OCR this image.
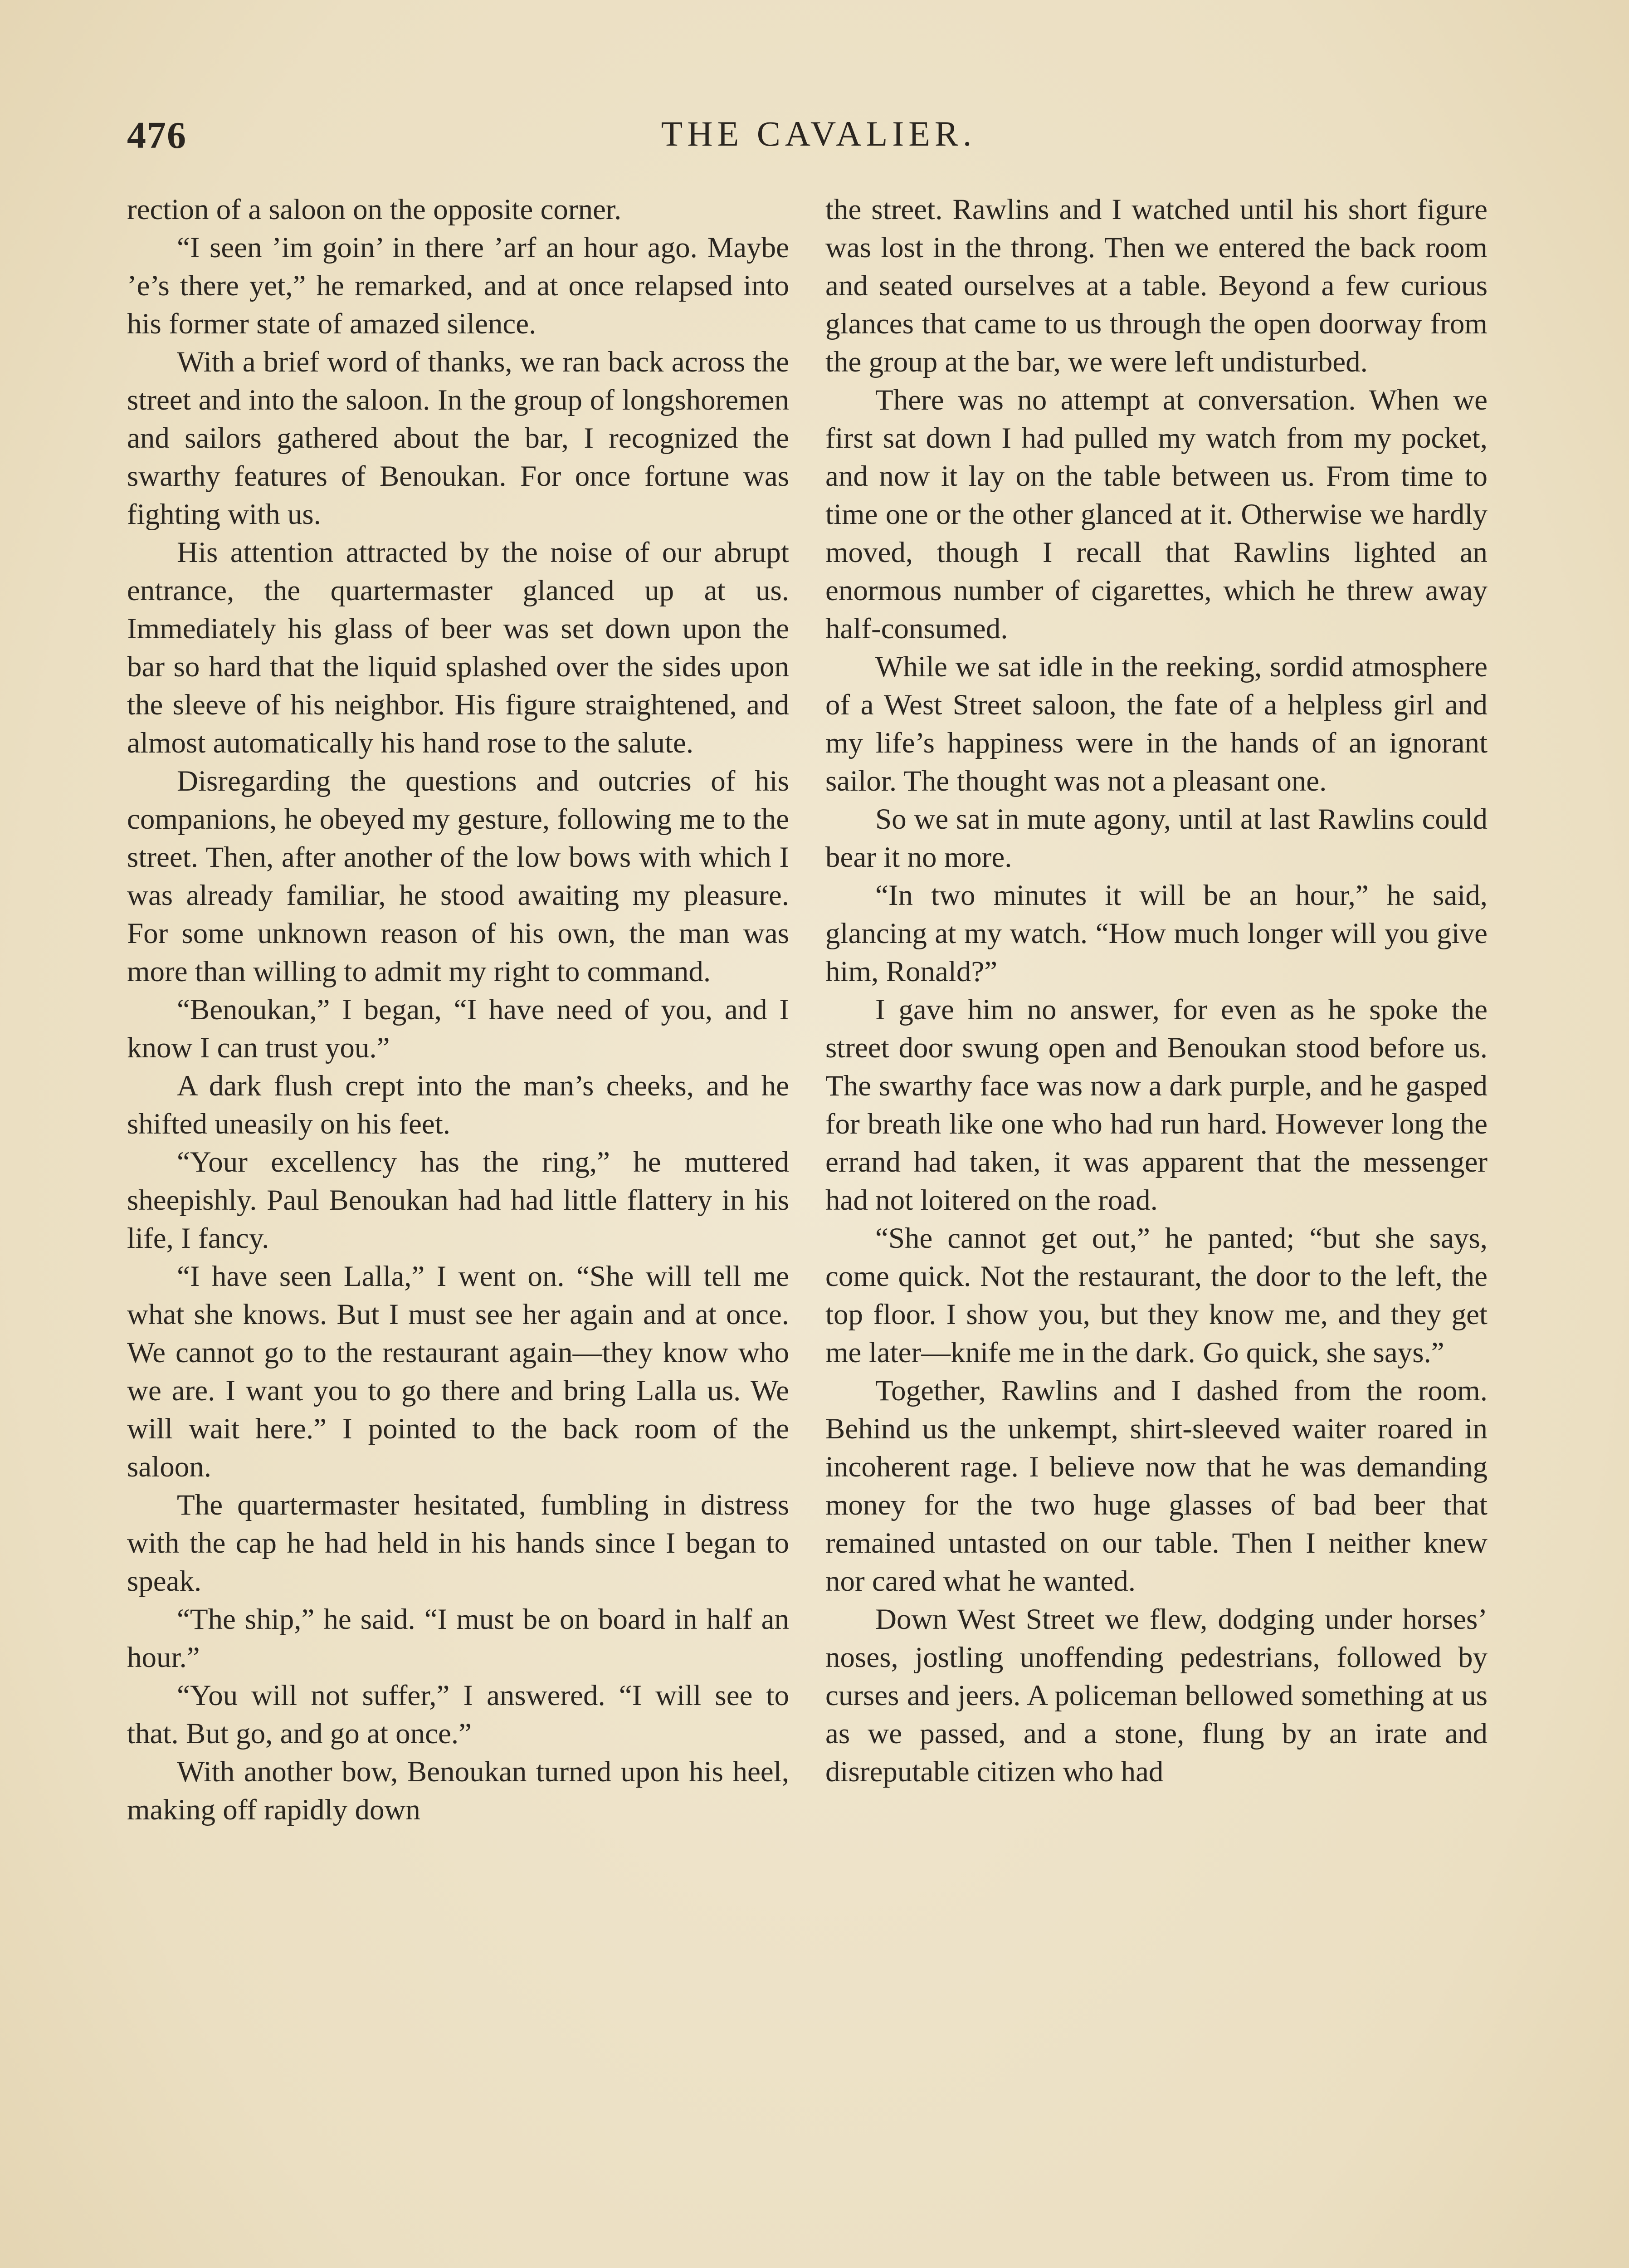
476	THE CAVALIER.

rection of a saloon on the opposite corner.

“I seen ’im goin’ in there ’arf an hour ago. Maybe ’e’s there yet,” he remarked, and at once relapsed into his former state of amazed silence.

With a brief word of thanks, we ran back across the street and into the saloon. In the group of longshoremen and sailors gathered about the bar, I recognized the swarthy features of Benoukan. For once fortune was fighting with us.

His attention attracted by the noise of our abrupt entrance, the quartermaster glanced up at us. Immediately his glass of beer was set down upon the bar so hard that the liquid splashed over the sides upon the sleeve of his neighbor. His figure straightened, and almost automatically his hand rose to the salute.

Disregarding the questions and outcries of his companions, he obeyed my gesture, following me to the street. Then, after another of the low bows with which I was already familiar, he stood awaiting my pleasure. For some unknown reason of his own, the man was more than willing to admit my right to command.

“Benoukan,” I began, “I have need of you, and I know I can trust you.”

A dark flush crept into the man’s cheeks, and he shifted uneasily on his feet.

“Your excellency has the ring,” he muttered sheepishly. Paul Benoukan had had little flattery in his life, I fancy.

“I have seen Lalla,” I went on. “She will tell me what she knows. But I must see her again and at once. We cannot go to the restaurant again—they know who we are. I want you to go there and bring Lalla us. We will wait here.” I pointed to the back room of the saloon.

The quartermaster hesitated, fumbling in distress with the cap he had held in his hands since I began to speak.

“The ship,” he said. “I must be on board in half an hour.”

“You will not suffer,” I answered. “I will see to that. But go, and go at once.”

With another bow, Benoukan turned upon his heel, making off rapidly down

the street. Rawlins and I watched until his short figure was lost in the throng. Then we entered the back room and seated ourselves at a table. Beyond a few curious glances that came to us through the open doorway from the group at the bar, we were left undisturbed.

There was no attempt at conversation. When we first sat down I had pulled my watch from my pocket, and now it lay on the table between us. From time to time one or the other glanced at it. Otherwise we hardly moved, though I recall that Rawlins lighted an enormous number of cigarettes, which he threw away half-consumed.

While we sat idle in the reeking, sordid atmosphere of a West Street saloon, the fate of a helpless girl and my life’s happiness were in the hands of an ignorant sailor. The thought was not a pleasant one.

So we sat in mute agony, until at last Rawlins could bear it no more.

“In two minutes it will be an hour,” he said, glancing at my watch. “How much longer will you give him, Ronald?”

I gave him no answer, for even as he spoke the street door swung open and Benoukan stood before us. The swarthy face was now a dark purple, and he gasped for breath like one who had run hard. However long the errand had taken, it was apparent that the messenger had not loitered on the road.

“She cannot get out,” he panted; “but she says, come quick. Not the restaurant, the door to the left, the top floor. I show you, but they know me, and they get me later—knife me in the dark. Go quick, she says.”

Together, Rawlins and I dashed from the room. Behind us the unkempt, shirt-sleeved waiter roared in incoherent rage. I believe now that he was demanding money for the two huge glasses of bad beer that remained untasted on our table. Then I neither knew nor cared what he wanted.

Down West Street we flew, dodging under horses’ noses, jostling unoffending pedestrians, followed by curses and jeers. A policeman bellowed something at us as we passed, and a stone, flung by an irate and disreputable citizen who had
